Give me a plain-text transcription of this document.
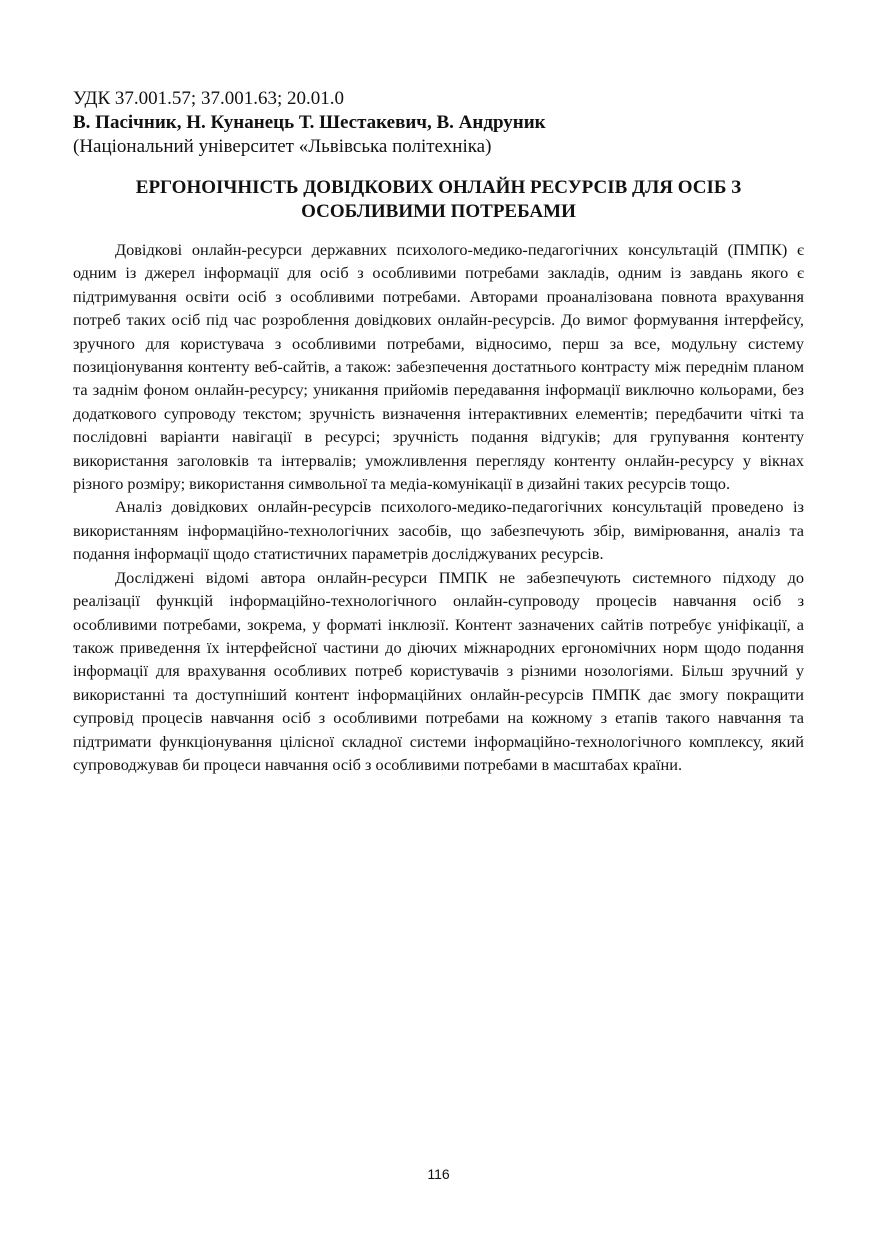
УДК 37.001.57; 37.001.63; 20.01.0
В. Пасічник, Н. Кунанець Т. Шестакевич, В. Андруник
(Національний університет «Львівська політехніка)
ЕРГОНОІЧНІСТЬ ДОВІДКОВИХ ОНЛАЙН РЕСУРСІВ ДЛЯ ОСІБ З ОСОБЛИВИМИ ПОТРЕБАМИ

Довідкові онлайн-ресурси державних психолого-медико-педагогічних консультацій (ПМПК) є одним із джерел інформації для осіб з особливими потребами закладів, одним із завдань якого є підтримування освіти осіб з особливими потребами. Авторами проаналізована повнота врахування потреб таких осіб під час розроблення довідкових онлайн-ресурсів. До вимог формування інтерфейсу, зручного для користувача з особливими потребами, відносимо, перш за все, модульну систему позиціонування контенту веб-сайтів, а також: забезпечення достатнього контрасту між переднім планом та заднім фоном онлайн-ресурсу; уникання прийомів передавання інформації виключно кольорами, без додаткового супроводу текстом; зручність визначення інтерактивних елементів; передбачити чіткі та послідовні варіанти навігації в ресурсі; зручність подання відгуків; для групування контенту використання заголовків та інтервалів; уможливлення перегляду контенту онлайн-ресурсу у вікнах різного розміру; використання символьної та медіа-комунікації в дизайні таких ресурсів тощо.

Аналіз довідкових онлайн-ресурсів психолого-медико-педагогічних консультацій проведено із використанням інформаційно-технологічних засобів, що забезпечують збір, вимірювання, аналіз та подання інформації щодо статистичних параметрів досліджуваних ресурсів.

Досліджені відомі автора онлайн-ресурси ПМПК не забезпечують системного підходу до реалізації функцій інформаційно-технологічного онлайн-супроводу процесів навчання осіб з особливими потребами, зокрема, у форматі інклюзії. Контент зазначених сайтів потребує уніфікації, а також приведення їх інтерфейсної частини до діючих міжнародних ергономічних норм щодо подання інформації для врахування особливих потреб користувачів з різними нозологіями. Більш зручний у використанні та доступніший контент інформаційних онлайн-ресурсів ПМПК дає змогу покращити супровід процесів навчання осіб з особливими потребами на кожному з етапів такого навчання та підтримати функціонування цілісної складної системи інформаційно-технологічного комплексу, який супроводжував би процеси навчання осіб з особливими потребами в масштабах країни.

116
